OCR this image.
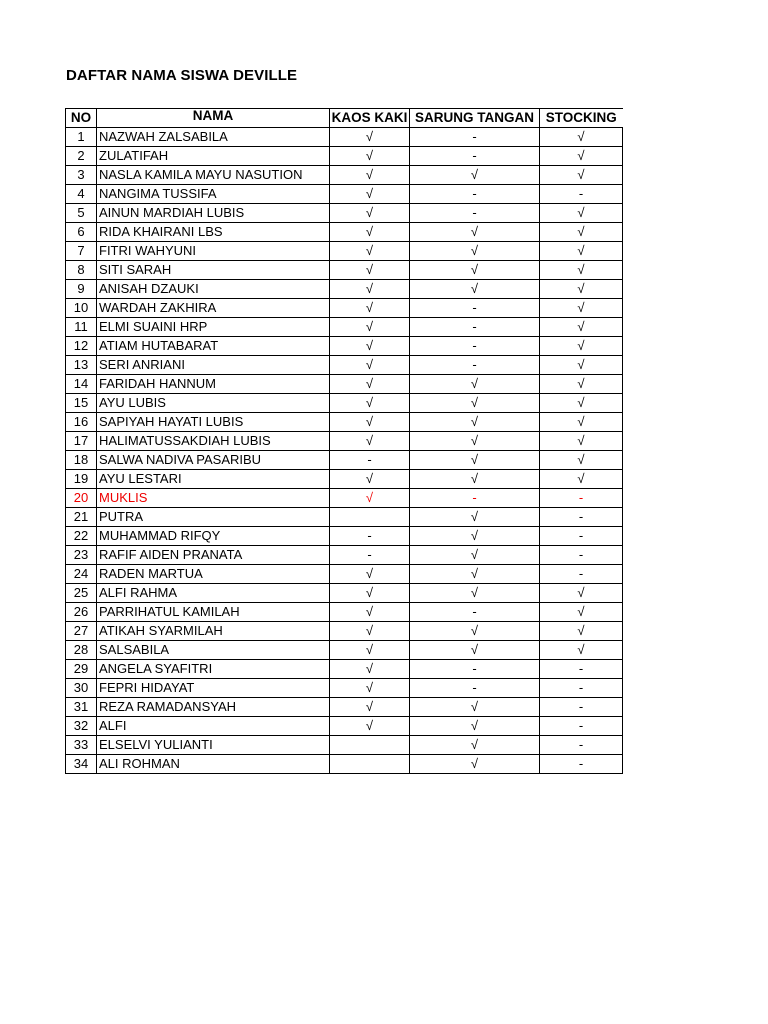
DAFTAR NAMA SISWA DEVILLE
NO	NAMA	KAOS KAKI	SARUNG TANGAN	STOCKING
1	NAZWAH ZALSABILA	√	-	√
2	ZULATIFAH	√	-	√
3	NASLA KAMILA MAYU NASUTION	√	√	√
4	NANGIMA TUSSIFA	√	-	-
5	AINUN MARDIAH LUBIS	√	-	√
6	RIDA KHAIRANI LBS	√	√	√
7	FITRI WAHYUNI	√	√	√
8	SITI SARAH	√	√	√
9	ANISAH DZAUKI	√	√	√
10	WARDAH ZAKHIRA	√	-	√
11	ELMI SUAINI HRP	√	-	√
12	ATIAM HUTABARAT	√	-	√
13	SERI ANRIANI	√	-	√
14	FARIDAH HANNUM	√	√	√
15	AYU LUBIS	√	√	√
16	SAPIYAH HAYATI LUBIS	√	√	√
17	HALIMATUSSAKDIAH LUBIS	√	√	√
18	SALWA NADIVA PASARIBU	-	√	√
19	AYU LESTARI	√	√	√
20	MUKLIS	√	-	-
21	PUTRA		√	-
22	MUHAMMAD RIFQY	-	√	-
23	RAFIF AIDEN PRANATA	-	√	-
24	RADEN MARTUA	√	√	-
25	ALFI RAHMA	√	√	√
26	PARRIHATUL KAMILAH	√	-	√
27	ATIKAH SYARMILAH	√	√	√
28	SALSABILA	√	√	√
29	ANGELA SYAFITRI	√	-	-
30	FEPRI HIDAYAT	√	-	-
31	REZA RAMADANSYAH	√	√	-
32	ALFI	√	√	-
33	ELSELVI YULIANTI		√	-
34	ALI ROHMAN		√	-
